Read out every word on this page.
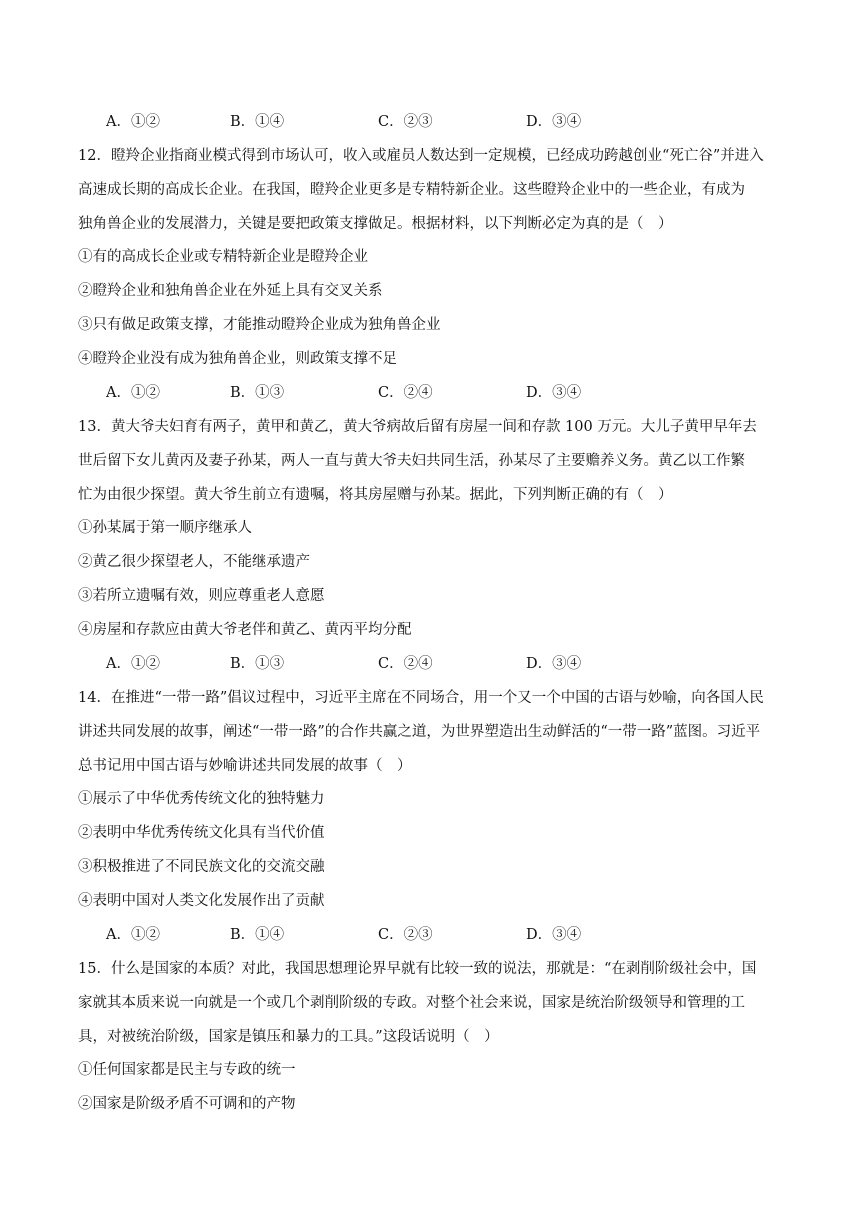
A．①②	B．①④	C．②③	D．③④
12．瞪羚企业指商业模式得到市场认可，收入或雇员人数达到一定规模，已经成功跨越创业“死亡谷”并进入
高速成长期的高成长企业。在我国，瞪羚企业更多是专精特新企业。这些瞪羚企业中的一些企业，有成为
独角兽企业的发展潜力，关键是要把政策支撑做足。根据材料，以下判断必定为真的是（　）
①有的高成长企业或专精特新企业是瞪羚企业
②瞪羚企业和独角兽企业在外延上具有交叉关系
③只有做足政策支撑，才能推动瞪羚企业成为独角兽企业
④瞪羚企业没有成为独角兽企业，则政策支撑不足
A．①②	B．①③	C．②④	D．③④
13．黄大爷夫妇育有两子，黄甲和黄乙，黄大爷病故后留有房屋一间和存款 100 万元。大儿子黄甲早年去
世后留下女儿黄丙及妻子孙某，两人一直与黄大爷夫妇共同生活，孙某尽了主要赡养义务。黄乙以工作繁
忙为由很少探望。黄大爷生前立有遗嘱，将其房屋赠与孙某。据此，下列判断正确的有（　）
①孙某属于第一顺序继承人
②黄乙很少探望老人，不能继承遗产
③若所立遗嘱有效，则应尊重老人意愿
④房屋和存款应由黄大爷老伴和黄乙、黄丙平均分配
A．①②	B．①③	C．②④	D．③④
14．在推进“一带一路”倡议过程中，习近平主席在不同场合，用一个又一个中国的古语与妙喻，向各国人民
讲述共同发展的故事，阐述“一带一路”的合作共赢之道，为世界塑造出生动鲜活的“一带一路”蓝图。习近平
总书记用中国古语与妙喻讲述共同发展的故事（　）
①展示了中华优秀传统文化的独特魅力
②表明中华优秀传统文化具有当代价值
③积极推进了不同民族文化的交流交融
④表明中国对人类文化发展作出了贡献
A．①②	B．①④	C．②③	D．③④
15．什么是国家的本质？对此，我国思想理论界早就有比较一致的说法，那就是：“在剥削阶级社会中，国
家就其本质来说一向就是一个或几个剥削阶级的专政。对整个社会来说，国家是统治阶级领导和管理的工
具，对被统治阶级，国家是镇压和暴力的工具。”这段话说明（　）
①任何国家都是民主与专政的统一
②国家是阶级矛盾不可调和的产物
